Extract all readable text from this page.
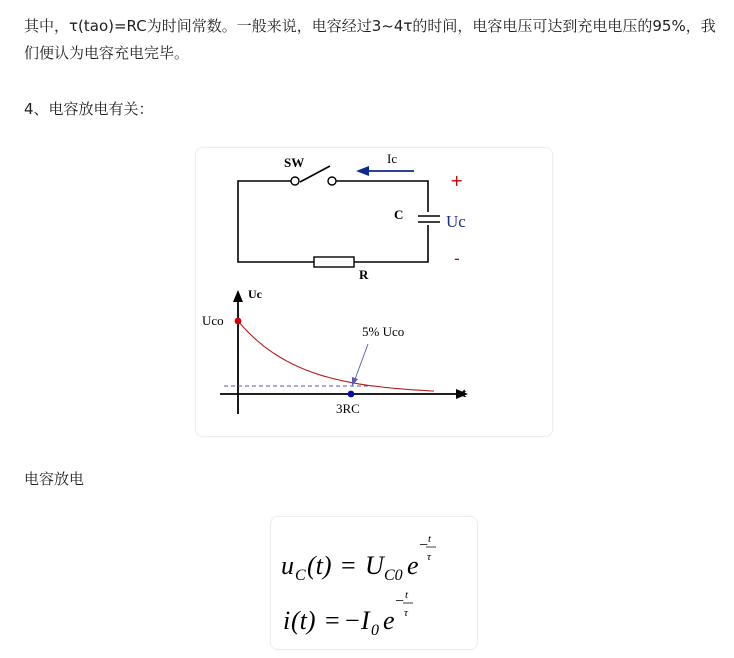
其中，τ(tao)=RC为时间常数。一般来说，电容经过3~4τ的时间，电容电压可达到充电电压的95%，我们便认为电容充电完毕。

4、电容放电有关：

SW	Ic
+
-
C	Uc
R
Uc
Uco
5% Uco
t
3RC

电容放电

u C (t) = U C0 e
− t
τ
i (t) = − I 0 e
− t
τ
